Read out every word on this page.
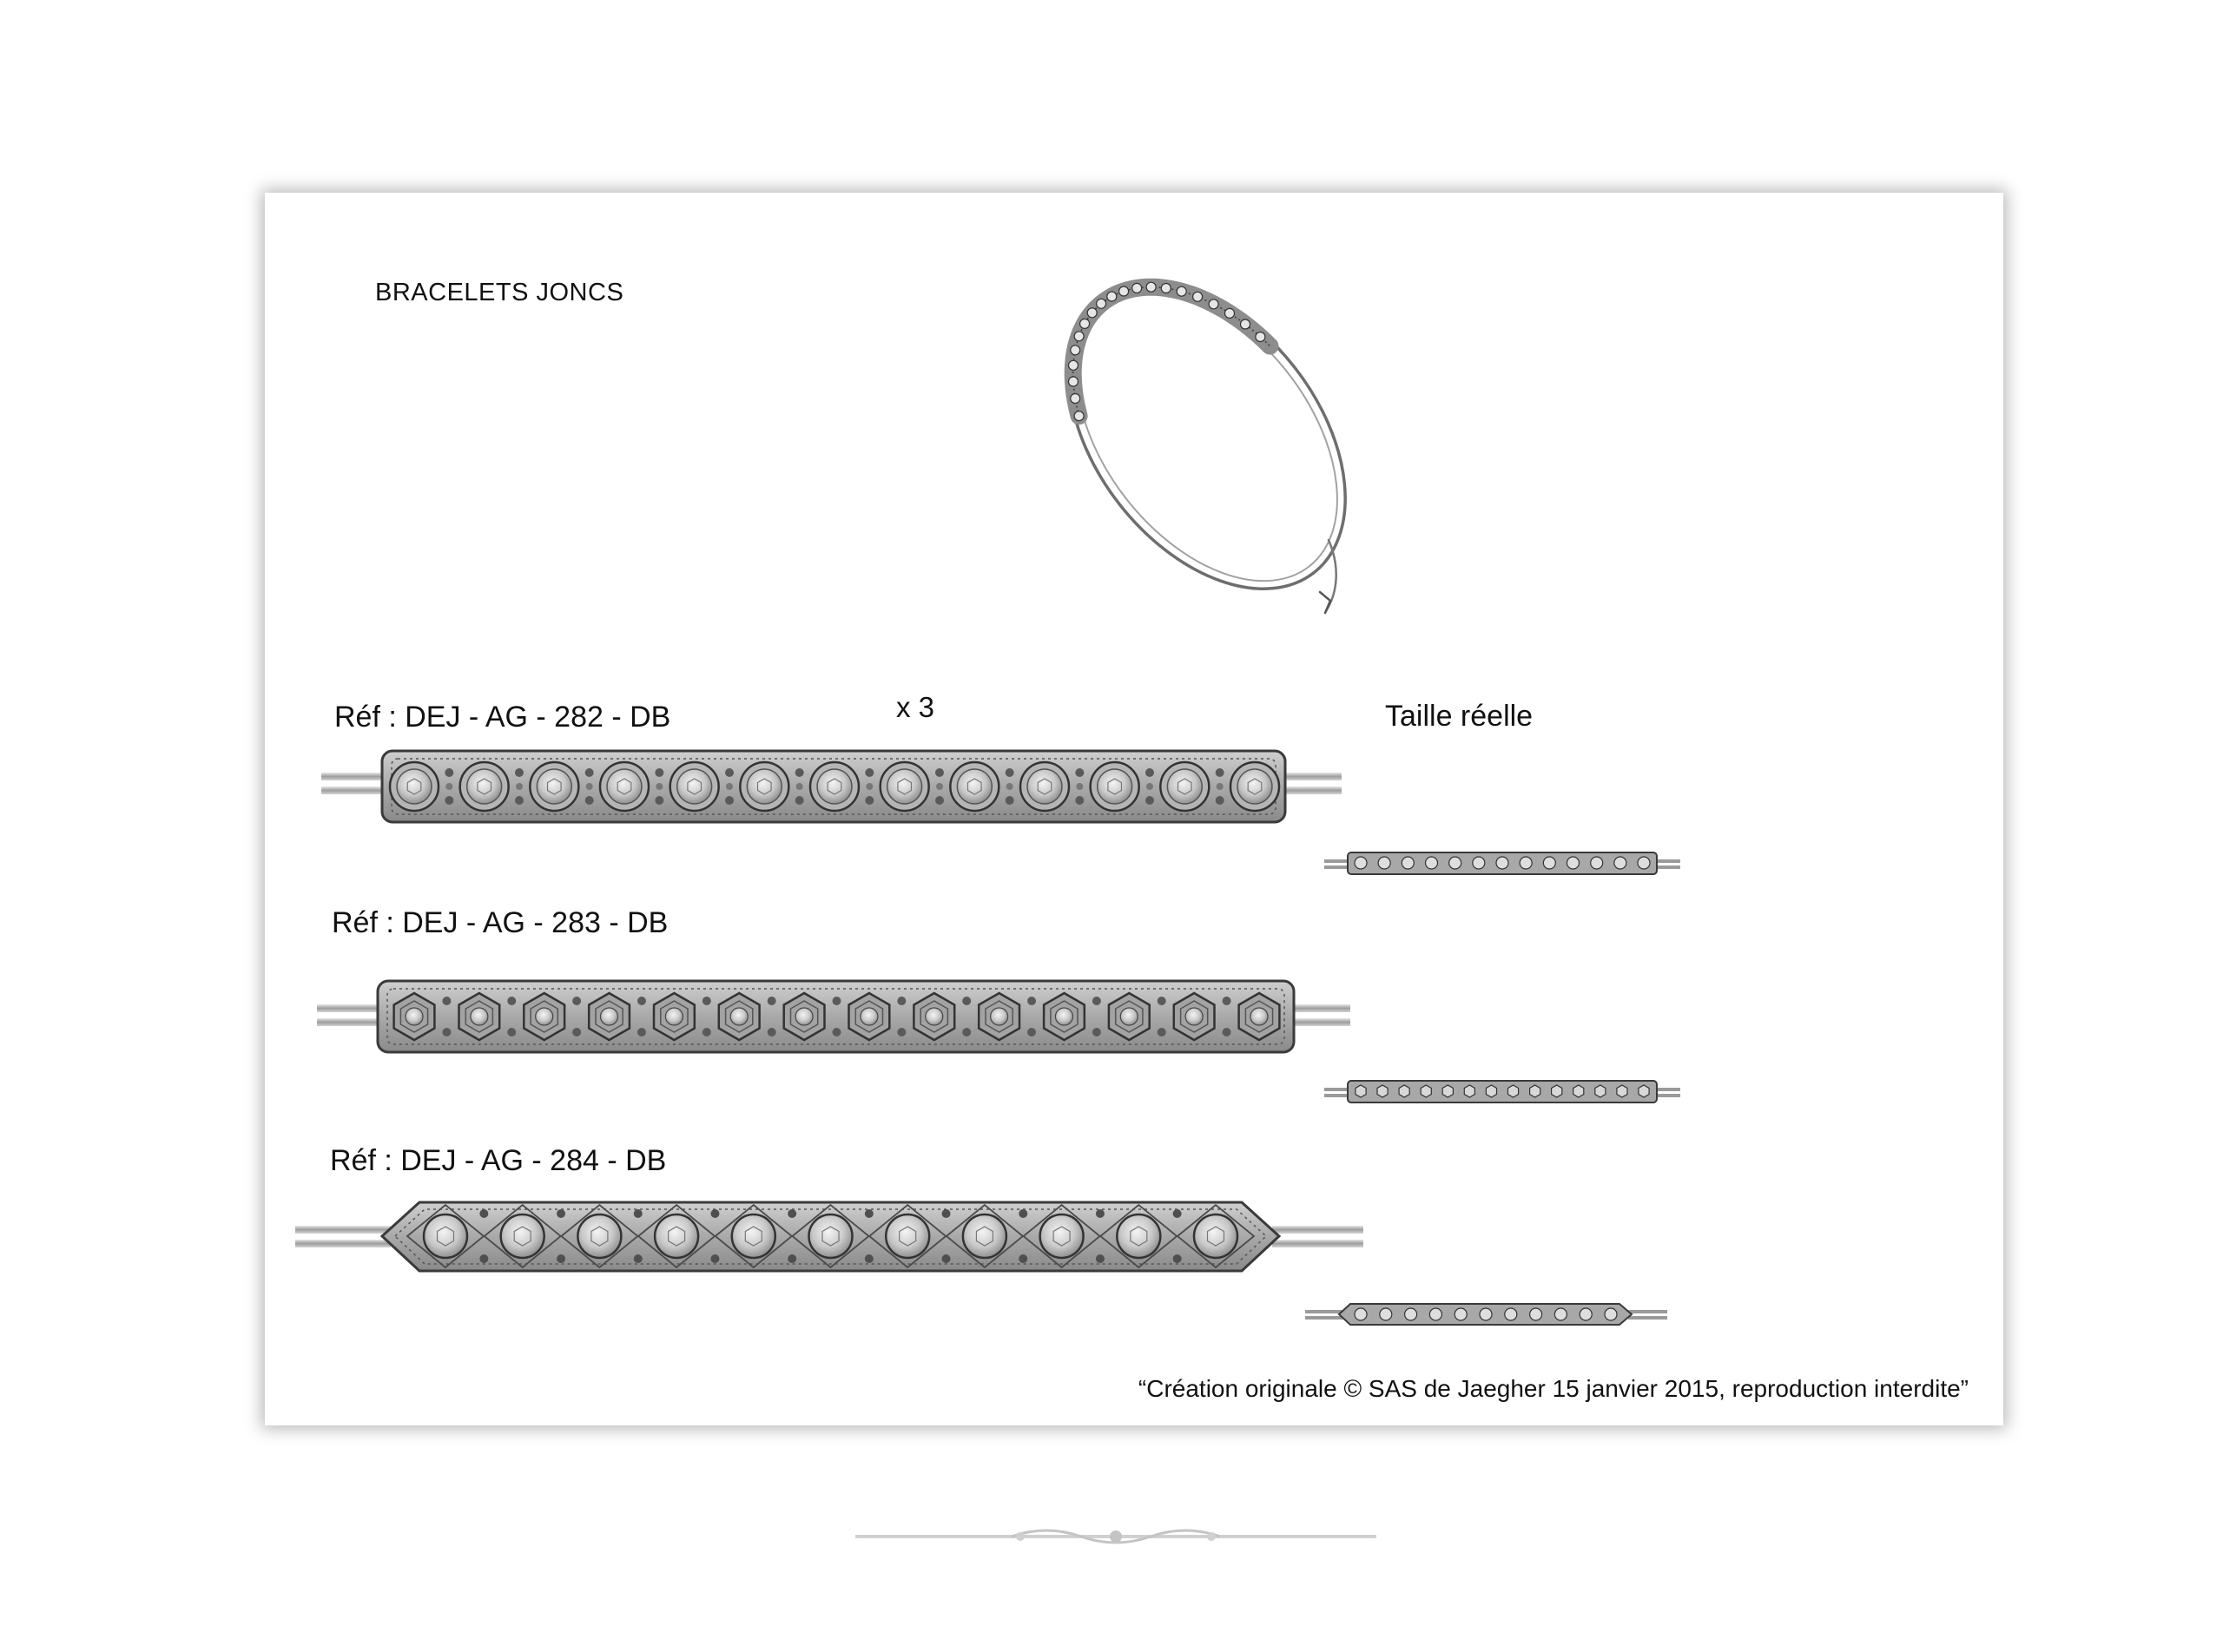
BRACELETS JONCS

Réf : DEJ - AG - 282 - DB	x 3	Taille réelle

Réf : DEJ - AG - 283 - DB

Réf : DEJ - AG - 284 - DB

“Création originale © SAS de Jaegher 15 janvier 2015, reproduction interdite”
